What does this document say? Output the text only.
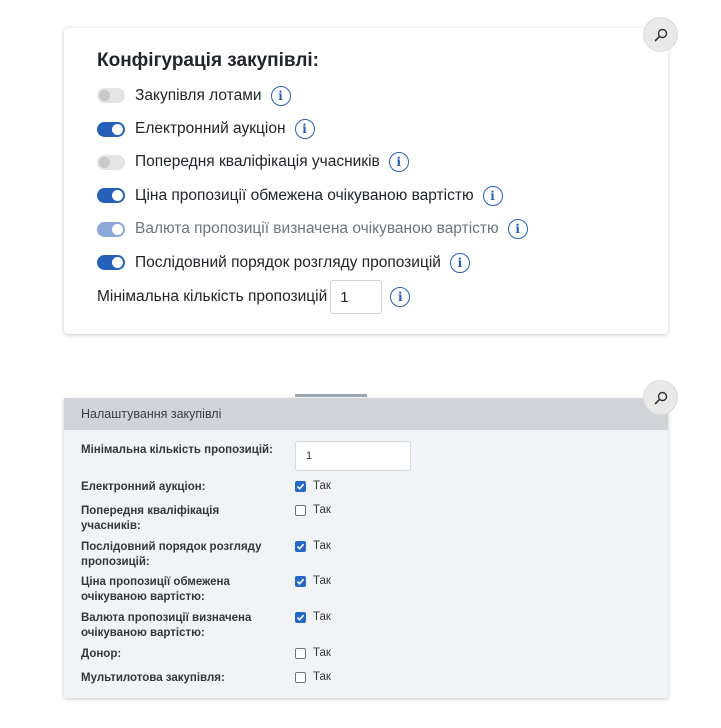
Конфігурація закупівлі:
Закупівля лотами	i
Електронний аукціон	i
Попередня кваліфікація учасників	i
Ціна пропозиції обмежена очікуваною вартістю	i
Валюта пропозиції визначена очікуваною вартістю	i
Послідовний порядок розгляду пропозицій	i
Мінімальна кількість пропозицій
1	i
Налаштування закупівлі
Мінімальна кількість пропозицій:
1
Електронний аукціон:	Так
Попередня кваліфікація учасників:
Так
Послідовний порядок розгляду пропозицій:
Так
Ціна пропозиції обмежена очікуваною вартістю:
Так
Валюта пропозиції визначена очікуваною вартістю:
Так
Донор:	Так
Мультилотова закупівля:	Так
